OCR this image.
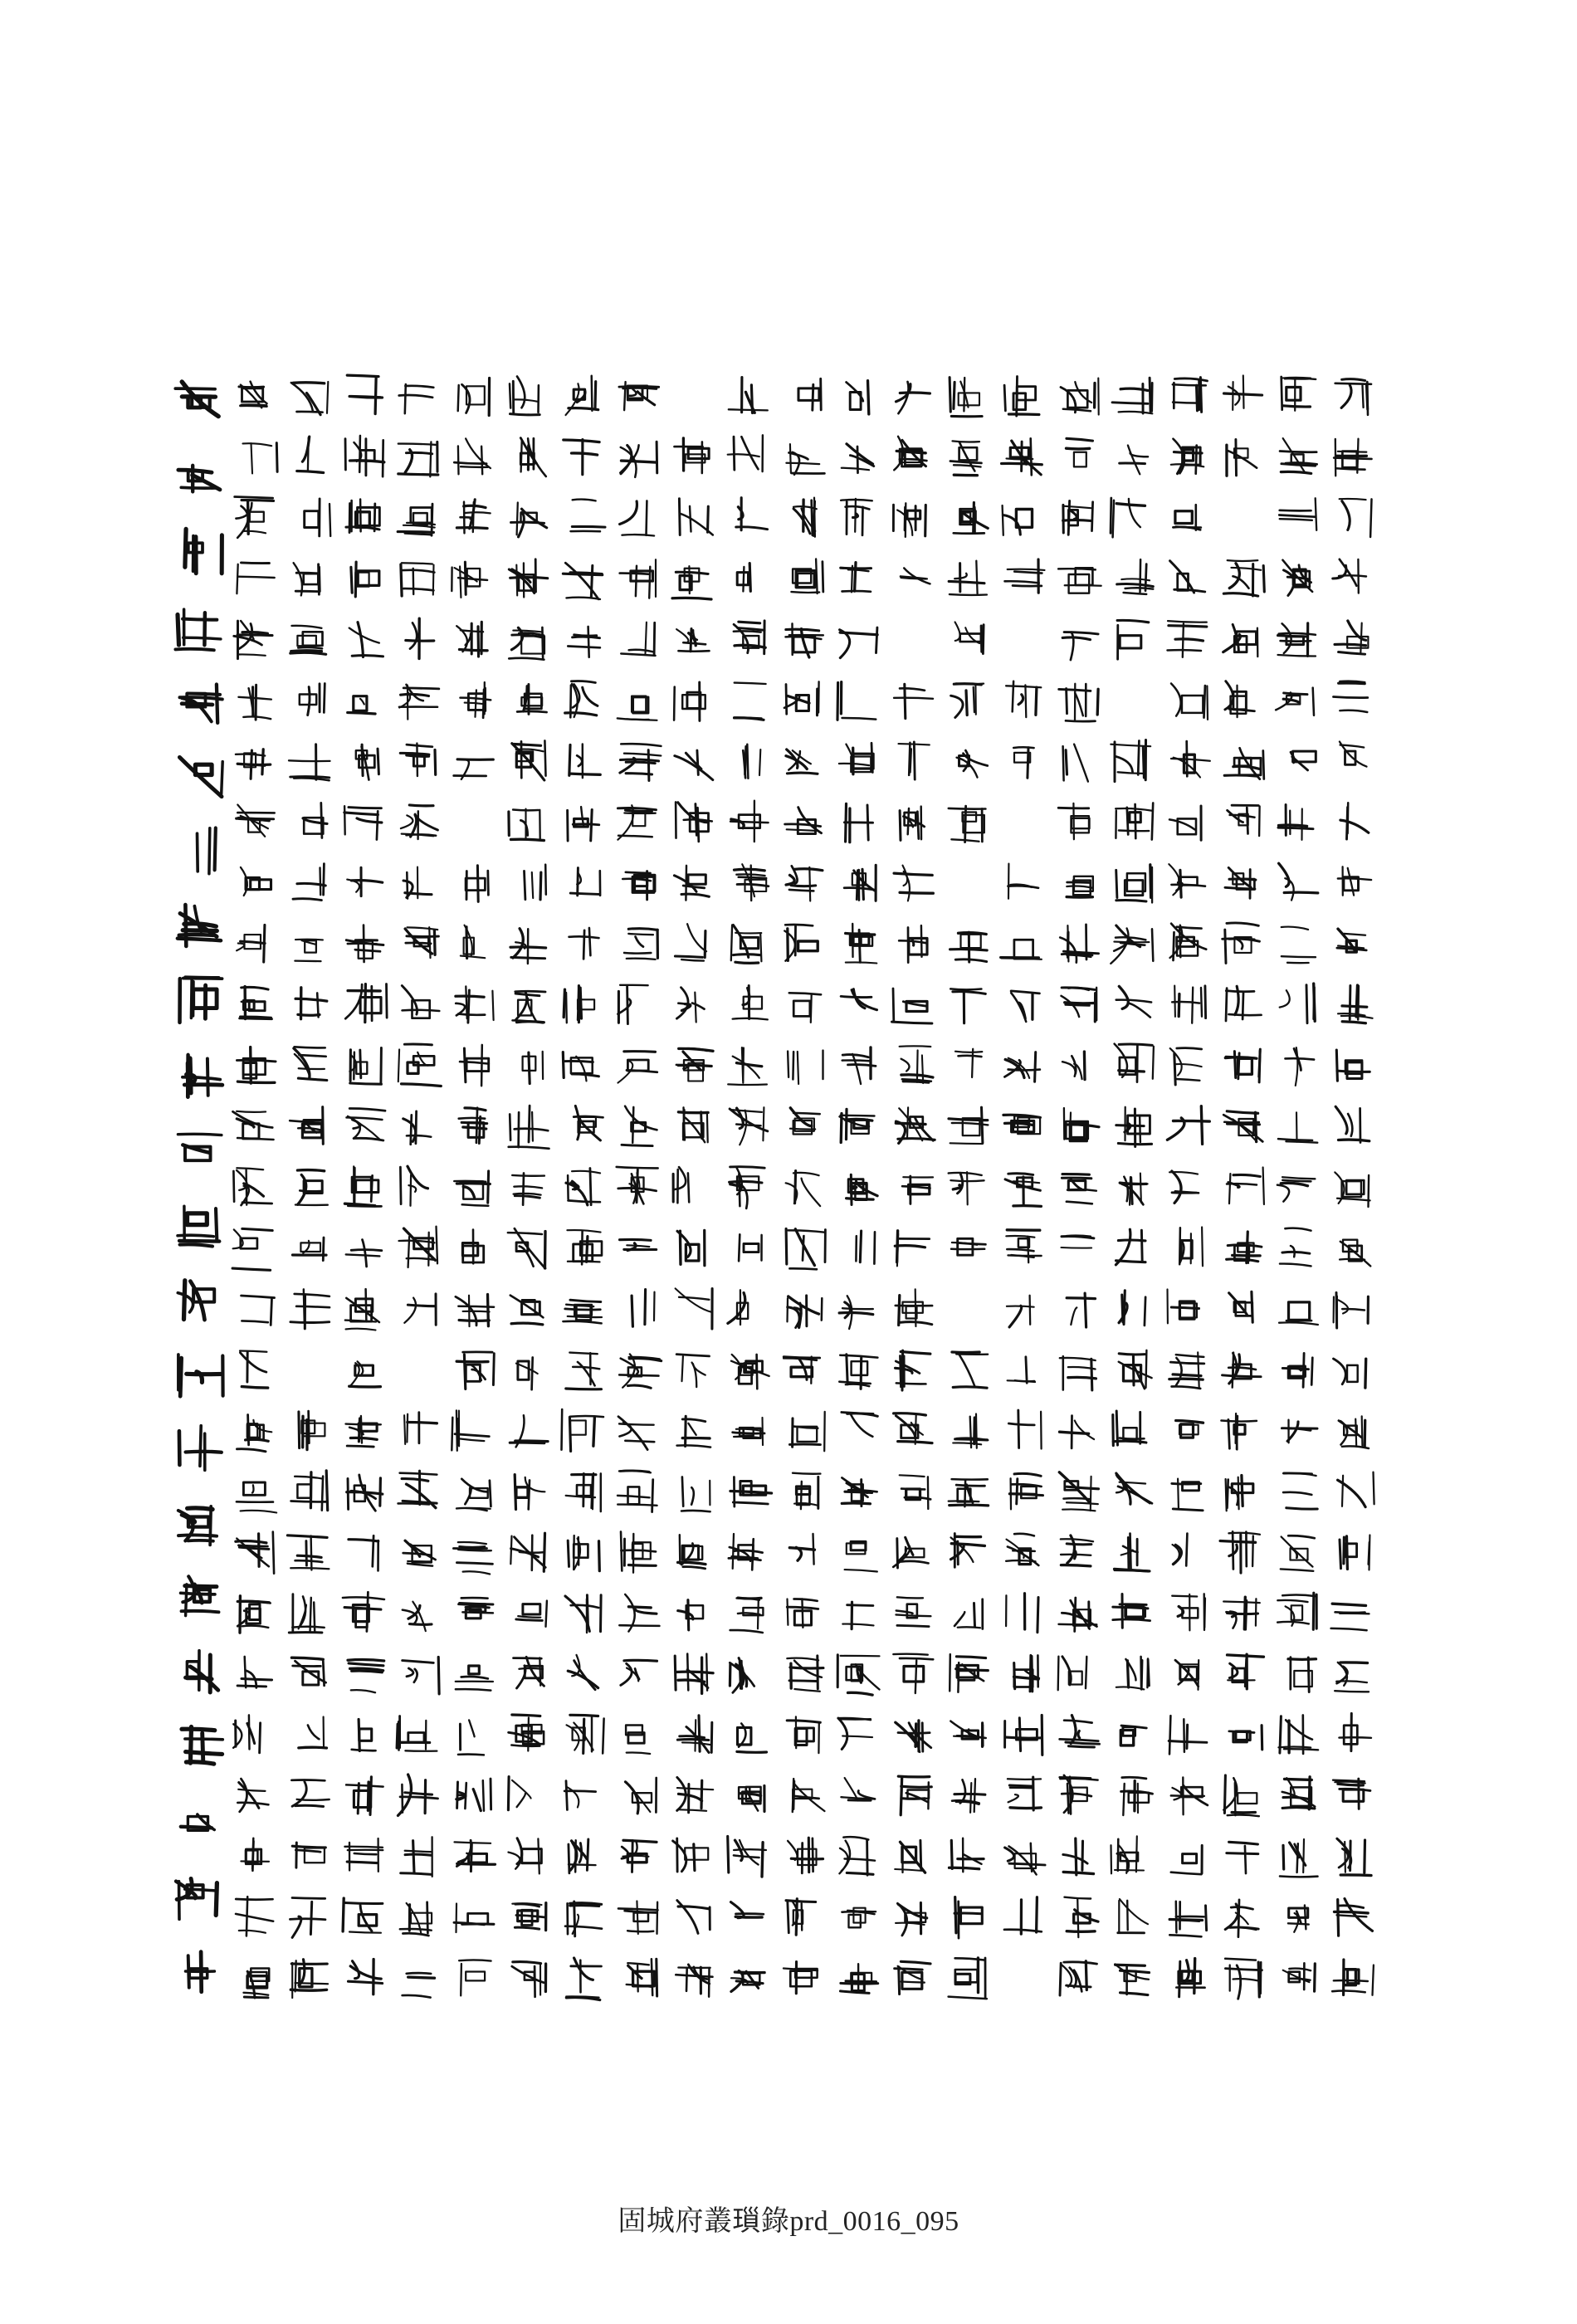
固城府叢𤨏錄prd_0016_095
